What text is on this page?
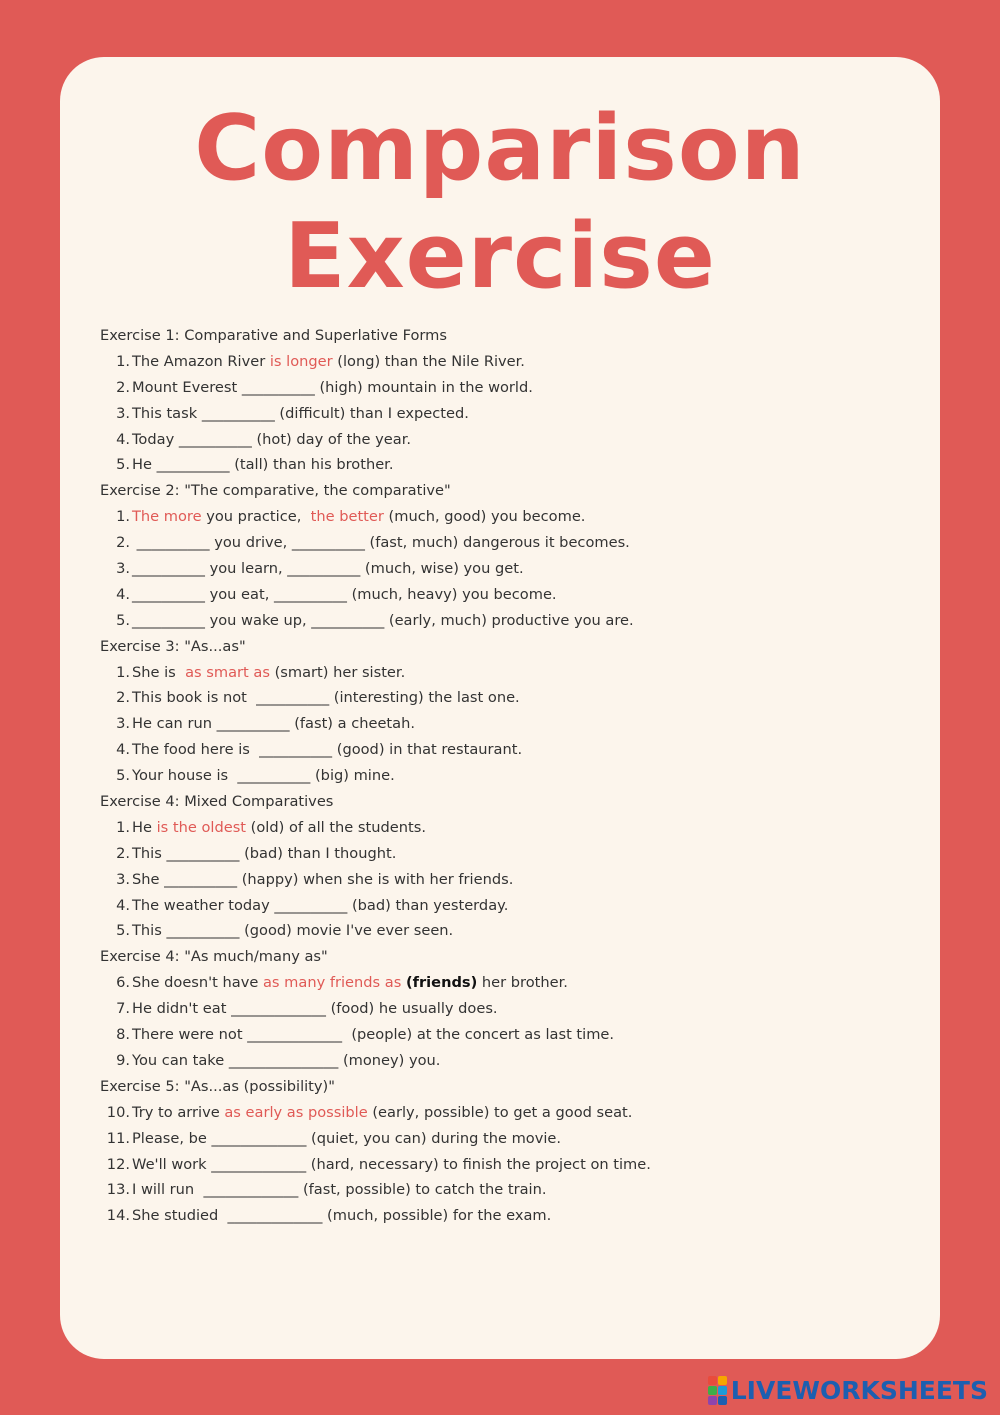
Comparison
Exercise
Exercise 1: Comparative and Superlative Forms
1. The Amazon River is longer (long) than the Nile River.
2. Mount Everest __________ (high) mountain in the world.
3. This task __________ (difficult) than I expected.
4. Today __________ (hot) day of the year.
5. He __________ (tall) than his brother.
Exercise 2: "The comparative, the comparative"
1. The more you practice,  the better (much, good) you become.
2. __________ you drive, __________ (fast, much) dangerous it becomes.
3. __________ you learn, __________ (much, wise) you get.
4. __________ you eat, __________ (much, heavy) you become.
5. __________ you wake up, __________ (early, much) productive you are.
Exercise 3: "As...as"
1. She is  as smart as (smart) her sister.
2. This book is not  __________ (interesting) the last one.
3. He can run __________ (fast) a cheetah.
4. The food here is  __________ (good) in that restaurant.
5. Your house is  __________ (big) mine.
Exercise 4: Mixed Comparatives
1. He is the oldest (old) of all the students.
2. This __________ (bad) than I thought.
3. She __________ (happy) when she is with her friends.
4. The weather today __________ (bad) than yesterday.
5. This __________ (good) movie I've ever seen.
Exercise 4: "As much/many as"
6. She doesn't have as many friends as (friends) her brother.
7. He didn't eat _____________ (food) he usually does.
8. There were not _____________  (people) at the concert as last time.
9. You can take _______________ (money) you.
Exercise 5: "As...as (possibility)"
10. Try to arrive as early as possible (early, possible) to get a good seat.
11. Please, be _____________ (quiet, you can) during the movie.
12. We'll work _____________ (hard, necessary) to finish the project on time.
13. I will run  _____________ (fast, possible) to catch the train.
14. She studied  _____________ (much, possible) for the exam.
LIVEWORKSHEETS
